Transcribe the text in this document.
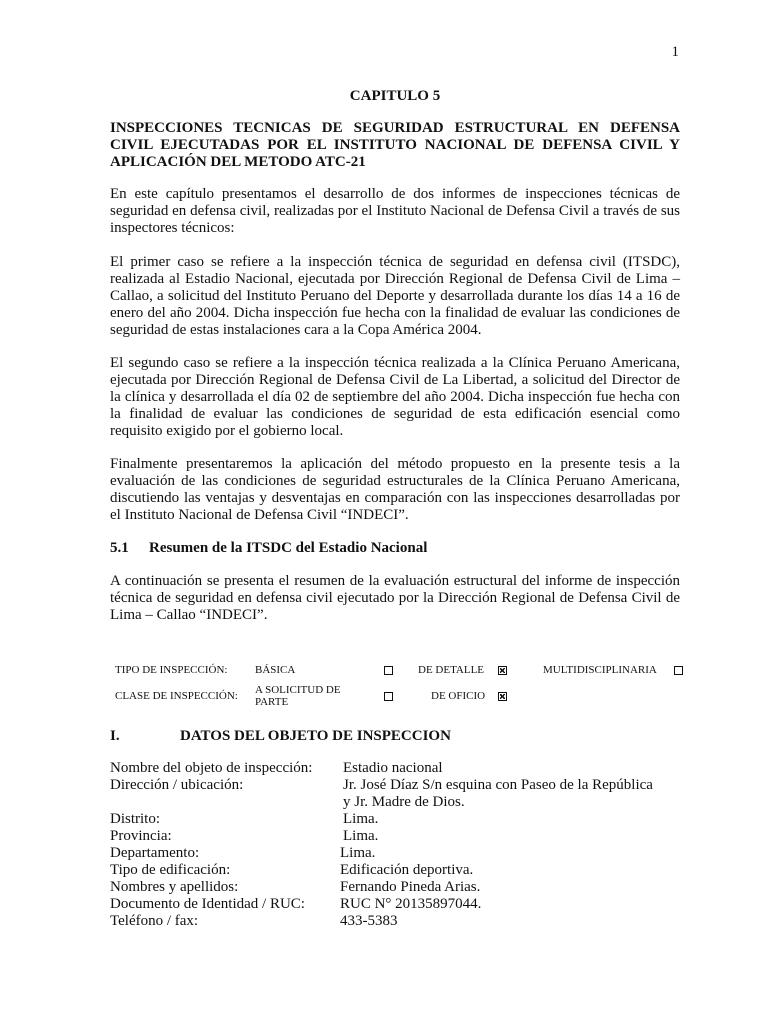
1
CAPITULO 5
INSPECCIONES TECNICAS DE SEGURIDAD ESTRUCTURAL EN DEFENSA CIVIL EJECUTADAS POR EL INSTITUTO NACIONAL DE DEFENSA CIVIL Y APLICACIÓN DEL METODO ATC-21

En este capítulo presentamos el desarrollo de dos informes de inspecciones técnicas de seguridad en defensa civil, realizadas por el Instituto Nacional de Defensa Civil a través de sus inspectores técnicos:

El primer caso se refiere a la inspección técnica de seguridad en defensa civil (ITSDC), realizada al Estadio Nacional, ejecutada por Dirección Regional de Defensa Civil de Lima – Callao, a solicitud del Instituto Peruano del Deporte y desarrollada durante los días 14 a 16 de enero del año 2004. Dicha inspección fue hecha con la finalidad de evaluar las condiciones de seguridad de estas instalaciones cara a la Copa América 2004.

El segundo caso se refiere a la inspección técnica realizada a la Clínica Peruano Americana, ejecutada por Dirección Regional de Defensa Civil de La Libertad, a solicitud del Director de la clínica y desarrollada el día 02 de septiembre del año 2004. Dicha inspección fue hecha con la finalidad de evaluar las condiciones de seguridad de esta edificación esencial como requisito exigido por el gobierno local.

Finalmente presentaremos la aplicación del método propuesto en la presente tesis a la evaluación de las condiciones de seguridad estructurales de la Clínica Peruano Americana, discutiendo las ventajas y desventajas en comparación con las inspecciones desarrolladas por el Instituto Nacional de Defensa Civil “INDECI”.

5.1 Resumen de la ITSDC del Estadio Nacional

A continuación se presenta el resumen de la evaluación estructural del informe de inspección técnica de seguridad en defensa civil ejecutado por la Dirección Regional de Defensa Civil de Lima – Callao “INDECI”.

TIPO DE INSPECCIÓN:	BÁSICA	DE DETALLE	MULTIDISCIPLINARIA
CLASE DE INSPECCIÓN: A SOLICITUD DE PARTE	DE OFICIO
I.	DATOS DEL OBJETO DE INSPECCION
Nombre del objeto de inspección: Estadio nacional
Dirección / ubicación:	Jr. José Díaz S/n esquina con Paseo de la República
y Jr. Madre de Dios.
Distrito:	Lima.
Provincia:	Lima.
Departamento:	Lima.
Tipo de edificación:	Edificación deportiva.
Nombres y apellidos:	Fernando Pineda Arias.
Documento de Identidad / RUC: RUC N° 20135897044.
Teléfono / fax:	433-5383
